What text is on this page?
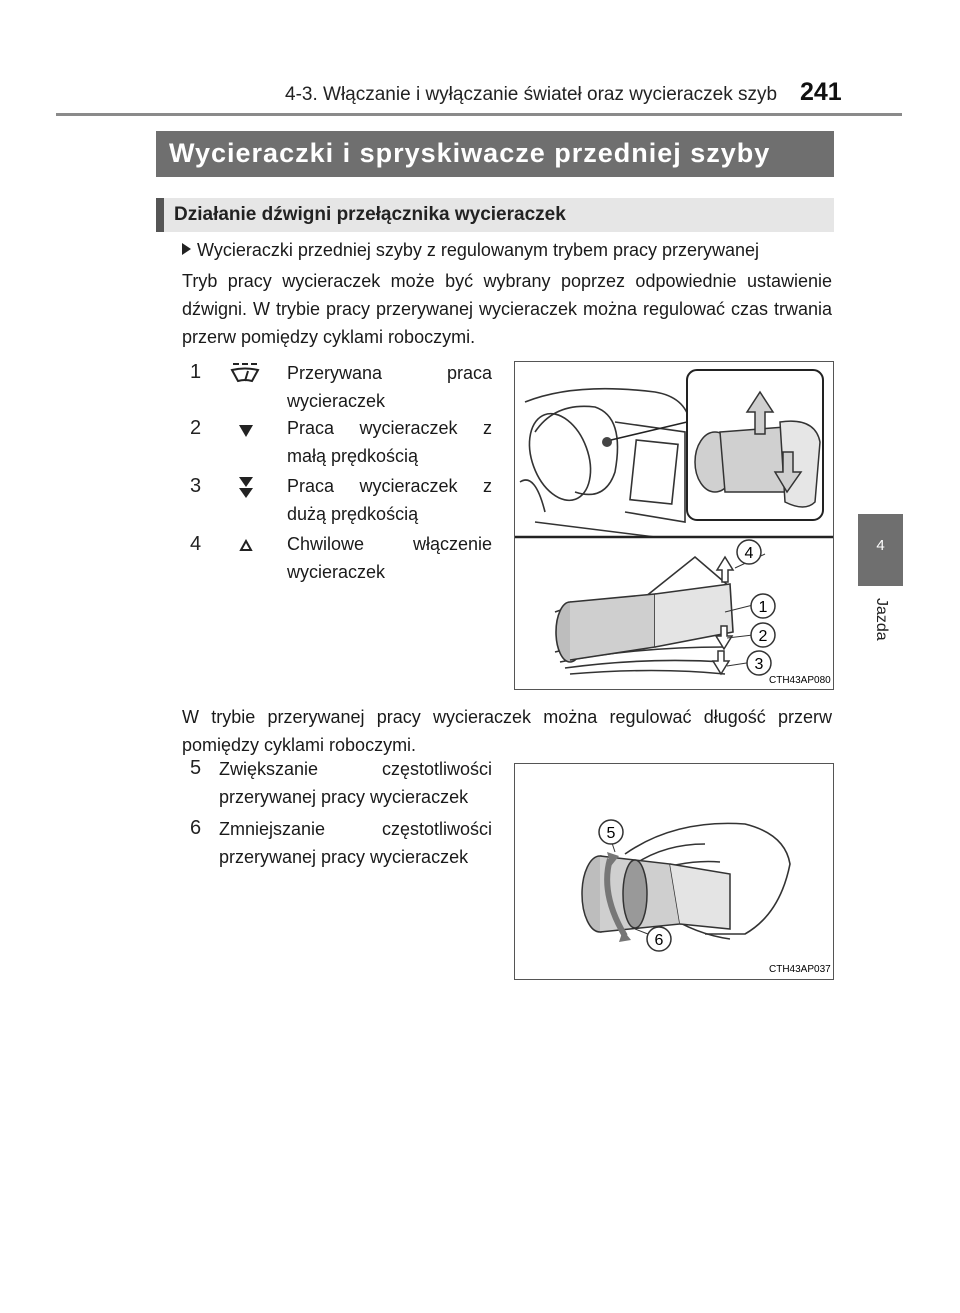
4-3. Włączanie i wyłączanie świateł oraz wycieraczek szyb 241
4
Jazda
Wycieraczki i spryskiwacze przedniej szyby
Działanie dźwigni przełącznika wycieraczek
Wycieraczki przedniej szyby z regulowanym trybem pracy przerywanej
Tryb pracy wycieraczek może być wybrany poprzez odpowiednie ustawienie dźwigni. W trybie pracy przerywanej wycieraczek można regulować czas trwania przerw pomiędzy cyklami roboczymi.
1	Przerywana praca wycieraczek
2	Praca wycieraczek z małą prędkością
3	Praca wycieraczek z dużą prędkością
4	Chwilowe włączenie wycieraczek
4
1
2
3
CTH43AP080
W trybie przerywanej pracy wycieraczek można regulować długość przerw pomiędzy cyklami roboczymi.
5 Zwiększanie częstotliwości przerywanej pracy wycieraczek
6 Zmniejszanie częstotliwości przerywanej pracy wycieraczek
5
6
CTH43AP037
